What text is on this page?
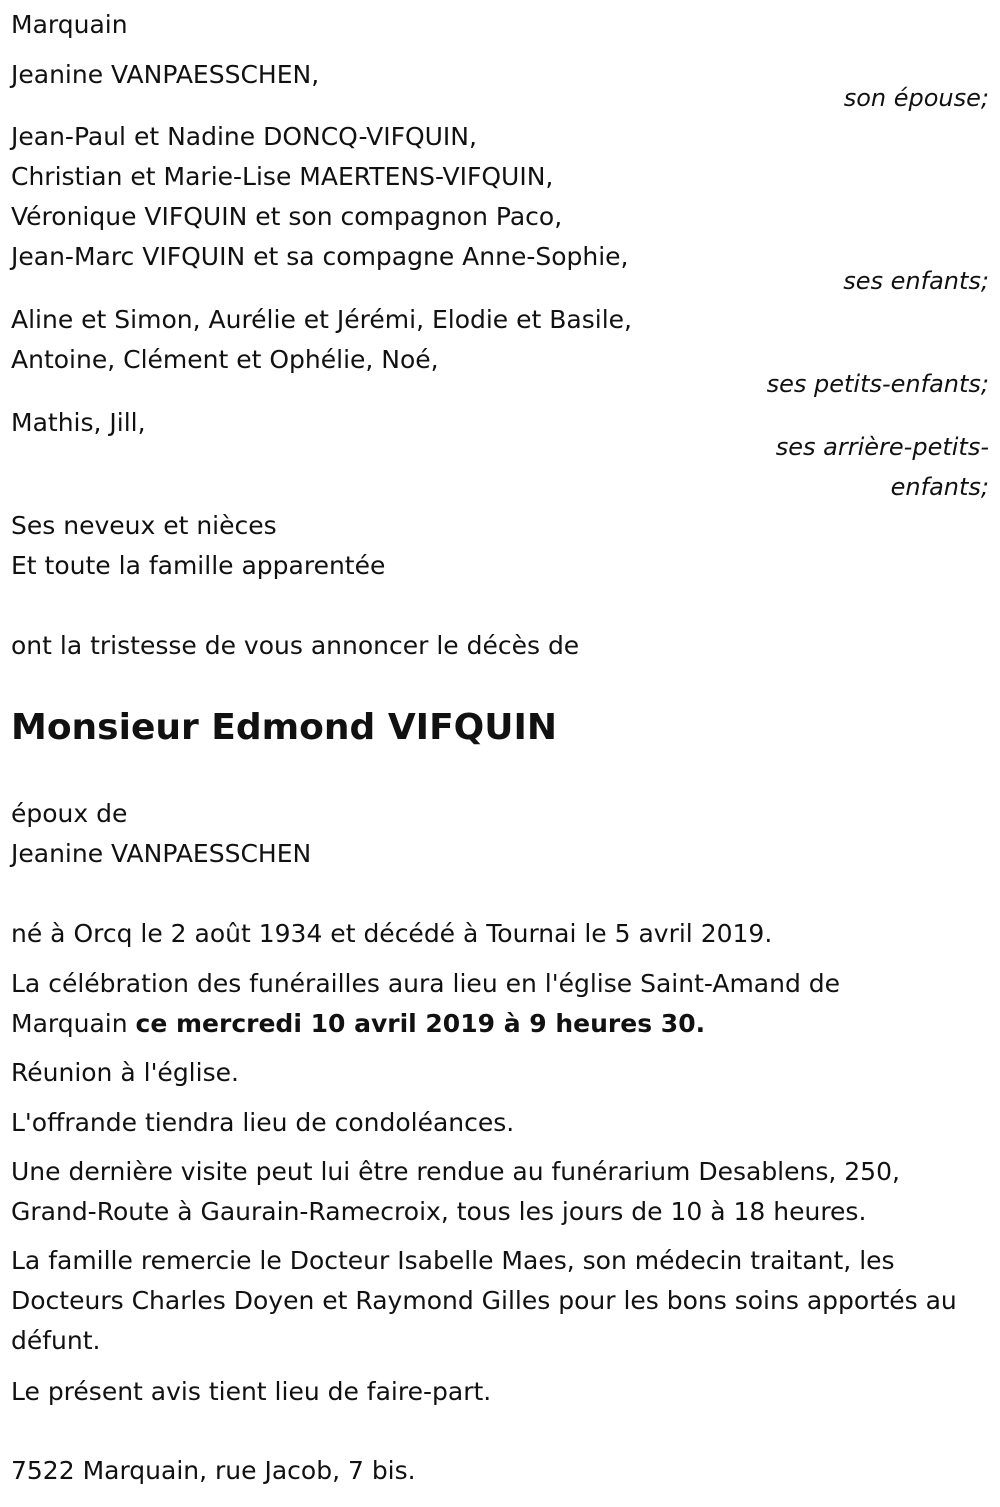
Marquain

Jeanine VANPAESSCHEN,

son épouse;

Jean-Paul et Nadine DONCQ-VIFQUIN,

Christian et Marie-Lise MAERTENS-VIFQUIN,

Véronique VIFQUIN et son compagnon Paco,

Jean-Marc VIFQUIN et sa compagne Anne-Sophie,

ses enfants;

Aline et Simon, Aurélie et Jérémi, Elodie et Basile,

Antoine, Clément et Ophélie, Noé,

ses petits-enfants;

Mathis, Jill,

ses arrière-petits-

enfants;

Ses neveux et nièces

Et toute la famille apparentée

ont la tristesse de vous annoncer le décès de

Monsieur Edmond VIFQUIN

époux de

Jeanine VANPAESSCHEN

né à Orcq le 2 août 1934 et décédé à Tournai le 5 avril 2019.

La célébration des funérailles aura lieu en l'église Saint-Amand de

Marquain ce mercredi 10 avril 2019 à 9 heures 30.

Réunion à l'église.

L'offrande tiendra lieu de condoléances.

Une dernière visite peut lui être rendue au funérarium Desablens, 250, Grand-Route à Gaurain-Ramecroix, tous les jours de 10 à 18 heures.

La famille remercie le Docteur Isabelle Maes, son médecin traitant, les Docteurs Charles Doyen et Raymond Gilles pour les bons soins apportés au défunt.

Le présent avis tient lieu de faire-part.

7522 Marquain, rue Jacob, 7 bis.
